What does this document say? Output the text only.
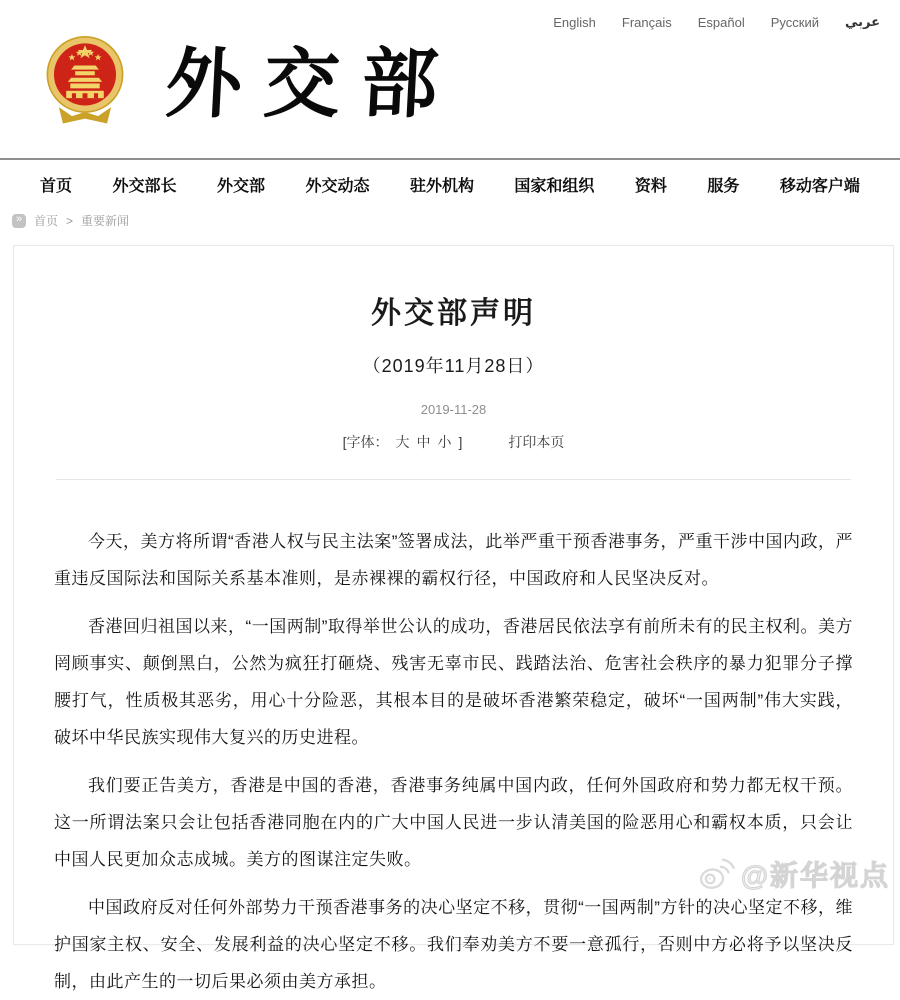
English Français Español Русский عربي
外交部
首页	外交部长	外交部	外交动态	驻外机构	国家和组织	资料	服务	移动客户端
» 首页 > 重要新闻
外交部声明
（2019年11月28日）
2019-11-28
[字体： 大 中 小 ]	打印本页

今天，美方将所谓“香港人权与民主法案”签署成法，此举严重干预香港事务，严重干涉中国内政，严重违反国际法和国际关系基本准则，是赤裸裸的霸权行径，中国政府和人民坚决反对。

香港回归祖国以来，“一国两制”取得举世公认的成功，香港居民依法享有前所未有的民主权利。美方罔顾事实、颠倒黑白，公然为疯狂打砸烧、残害无辜市民、践踏法治、危害社会秩序的暴力犯罪分子撑腰打气，性质极其恶劣，用心十分险恶，其根本目的是破坏香港繁荣稳定，破坏“一国两制”伟大实践，破坏中华民族实现伟大复兴的历史进程。

我们要正告美方，香港是中国的香港，香港事务纯属中国内政，任何外国政府和势力都无权干预。这一所谓法案只会让包括香港同胞在内的广大中国人民进一步认清美国的险恶用心和霸权本质，只会让中国人民更加众志成城。美方的图谋注定失败。

中国政府反对任何外部势力干预香港事务的决心坚定不移，贯彻“一国两制”方针的决心坚定不移，维护国家主权、安全、发展利益的决心坚定不移。我们奉劝美方不要一意孤行，否则中方必将予以坚决反制，由此产生的一切后果必须由美方承担。

@新华视点
